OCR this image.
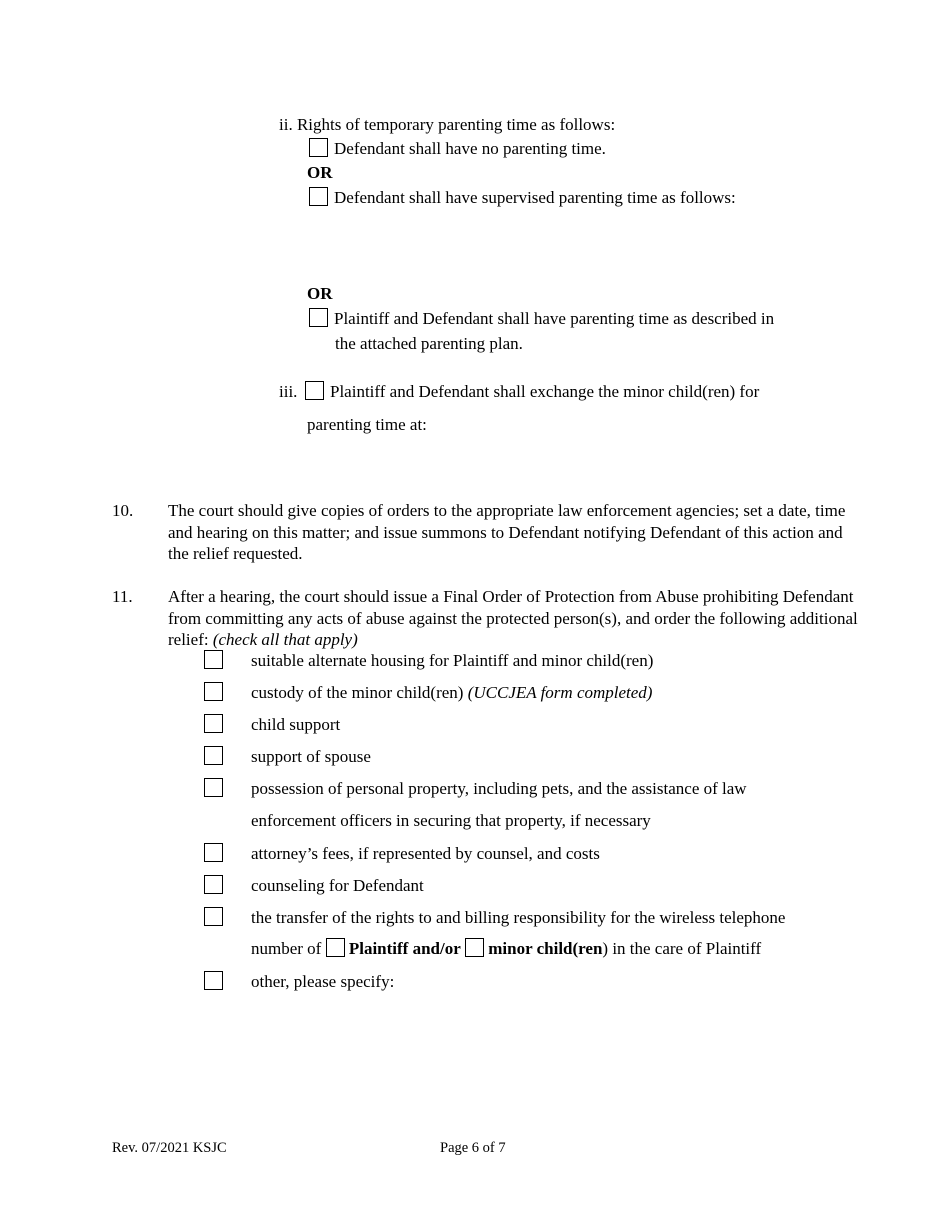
ii. Rights of temporary parenting time as follows:
Defendant shall have no parenting time.
OR
Defendant shall have supervised parenting time as follows:
OR
Plaintiff and Defendant shall have parenting time as described in
the attached parenting plan.
iii. Plaintiff and Defendant shall exchange the minor child(ren) for
parenting time at:
10. The court should give copies of orders to the appropriate law enforcement agencies; set a date, time and hearing on this matter; and issue summons to Defendant notifying Defendant of this action and the relief requested.
11. After a hearing, the court should issue a Final Order of Protection from Abuse prohibiting Defendant from committing any acts of abuse against the protected person(s), and order the following additional relief: (check all that apply)
suitable alternate housing for Plaintiff and minor child(ren)
custody of the minor child(ren) (UCCJEA form completed)
child support
support of spouse
possession of personal property, including pets, and the assistance of law
enforcement officers in securing that property, if necessary
attorney’s fees, if represented by counsel, and costs
counseling for Defendant
the transfer of the rights to and billing responsibility for the wireless telephone
number of Plaintiff and/or minor child(ren) in the care of Plaintiff
other, please specify:
Rev. 07/2021 KSJC	Page 6 of 7
